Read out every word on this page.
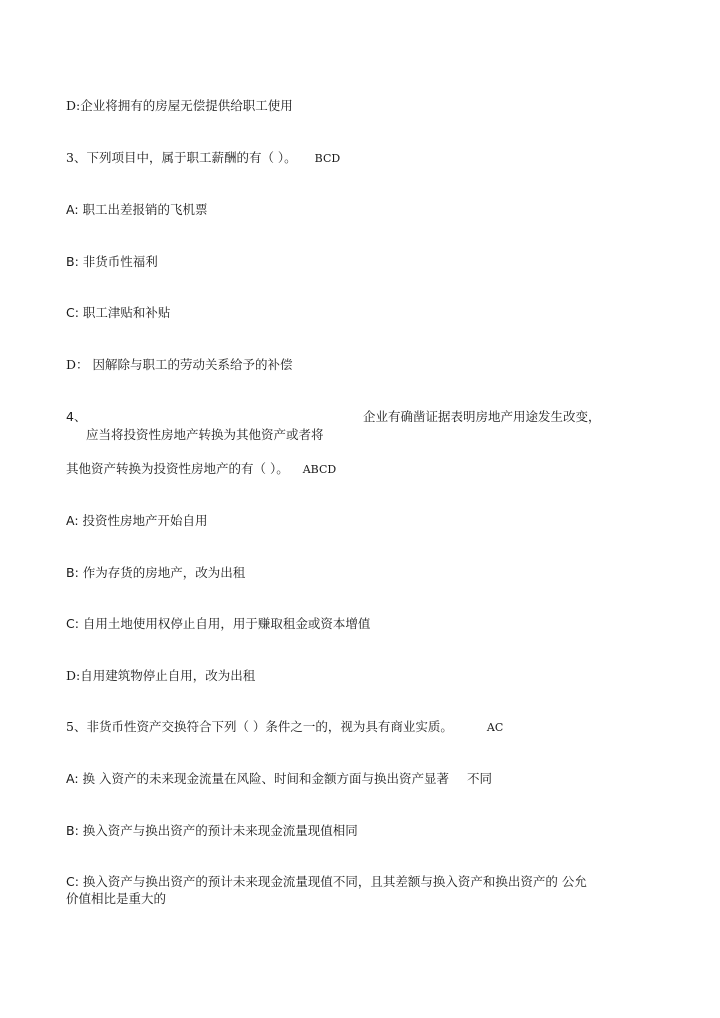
D:企业将拥有的房屋无偿提供给职工使用
3、下列项目中，属于职工薪酬的有（ ）。 BCD
A: 职工出差报销的飞机票
B: 非货币性福利
C: 职工津贴和补贴
D： 因解除与职工的劳动关系给予的补偿
4、	企业有确凿证据表明房地产用途发生改变，
应当将投资性房地产转换为其他资产或者将
其他资产转换为投资性房地产的有（ ）。 ABCD
A: 投资性房地产开始自用
B: 作为存货的房地产，改为出租
C: 自用土地使用权停止自用，用于赚取租金或资本增值
D:自用建筑物停止自用，改为出租
5、非货币性资产交换符合下列（ ）条件之一的，视为具有商业实质。	AC
A: 换 入资产的未来现金流量在风险、时间和金额方面与换出资产显著 不同
B: 换入资产与换出资产的预计未来现金流量现值相同
C: 换入资产与换出资产的预计未来现金流量现值不同，且其差额与换入资产和换出资产的 公允
价值相比是重大的
